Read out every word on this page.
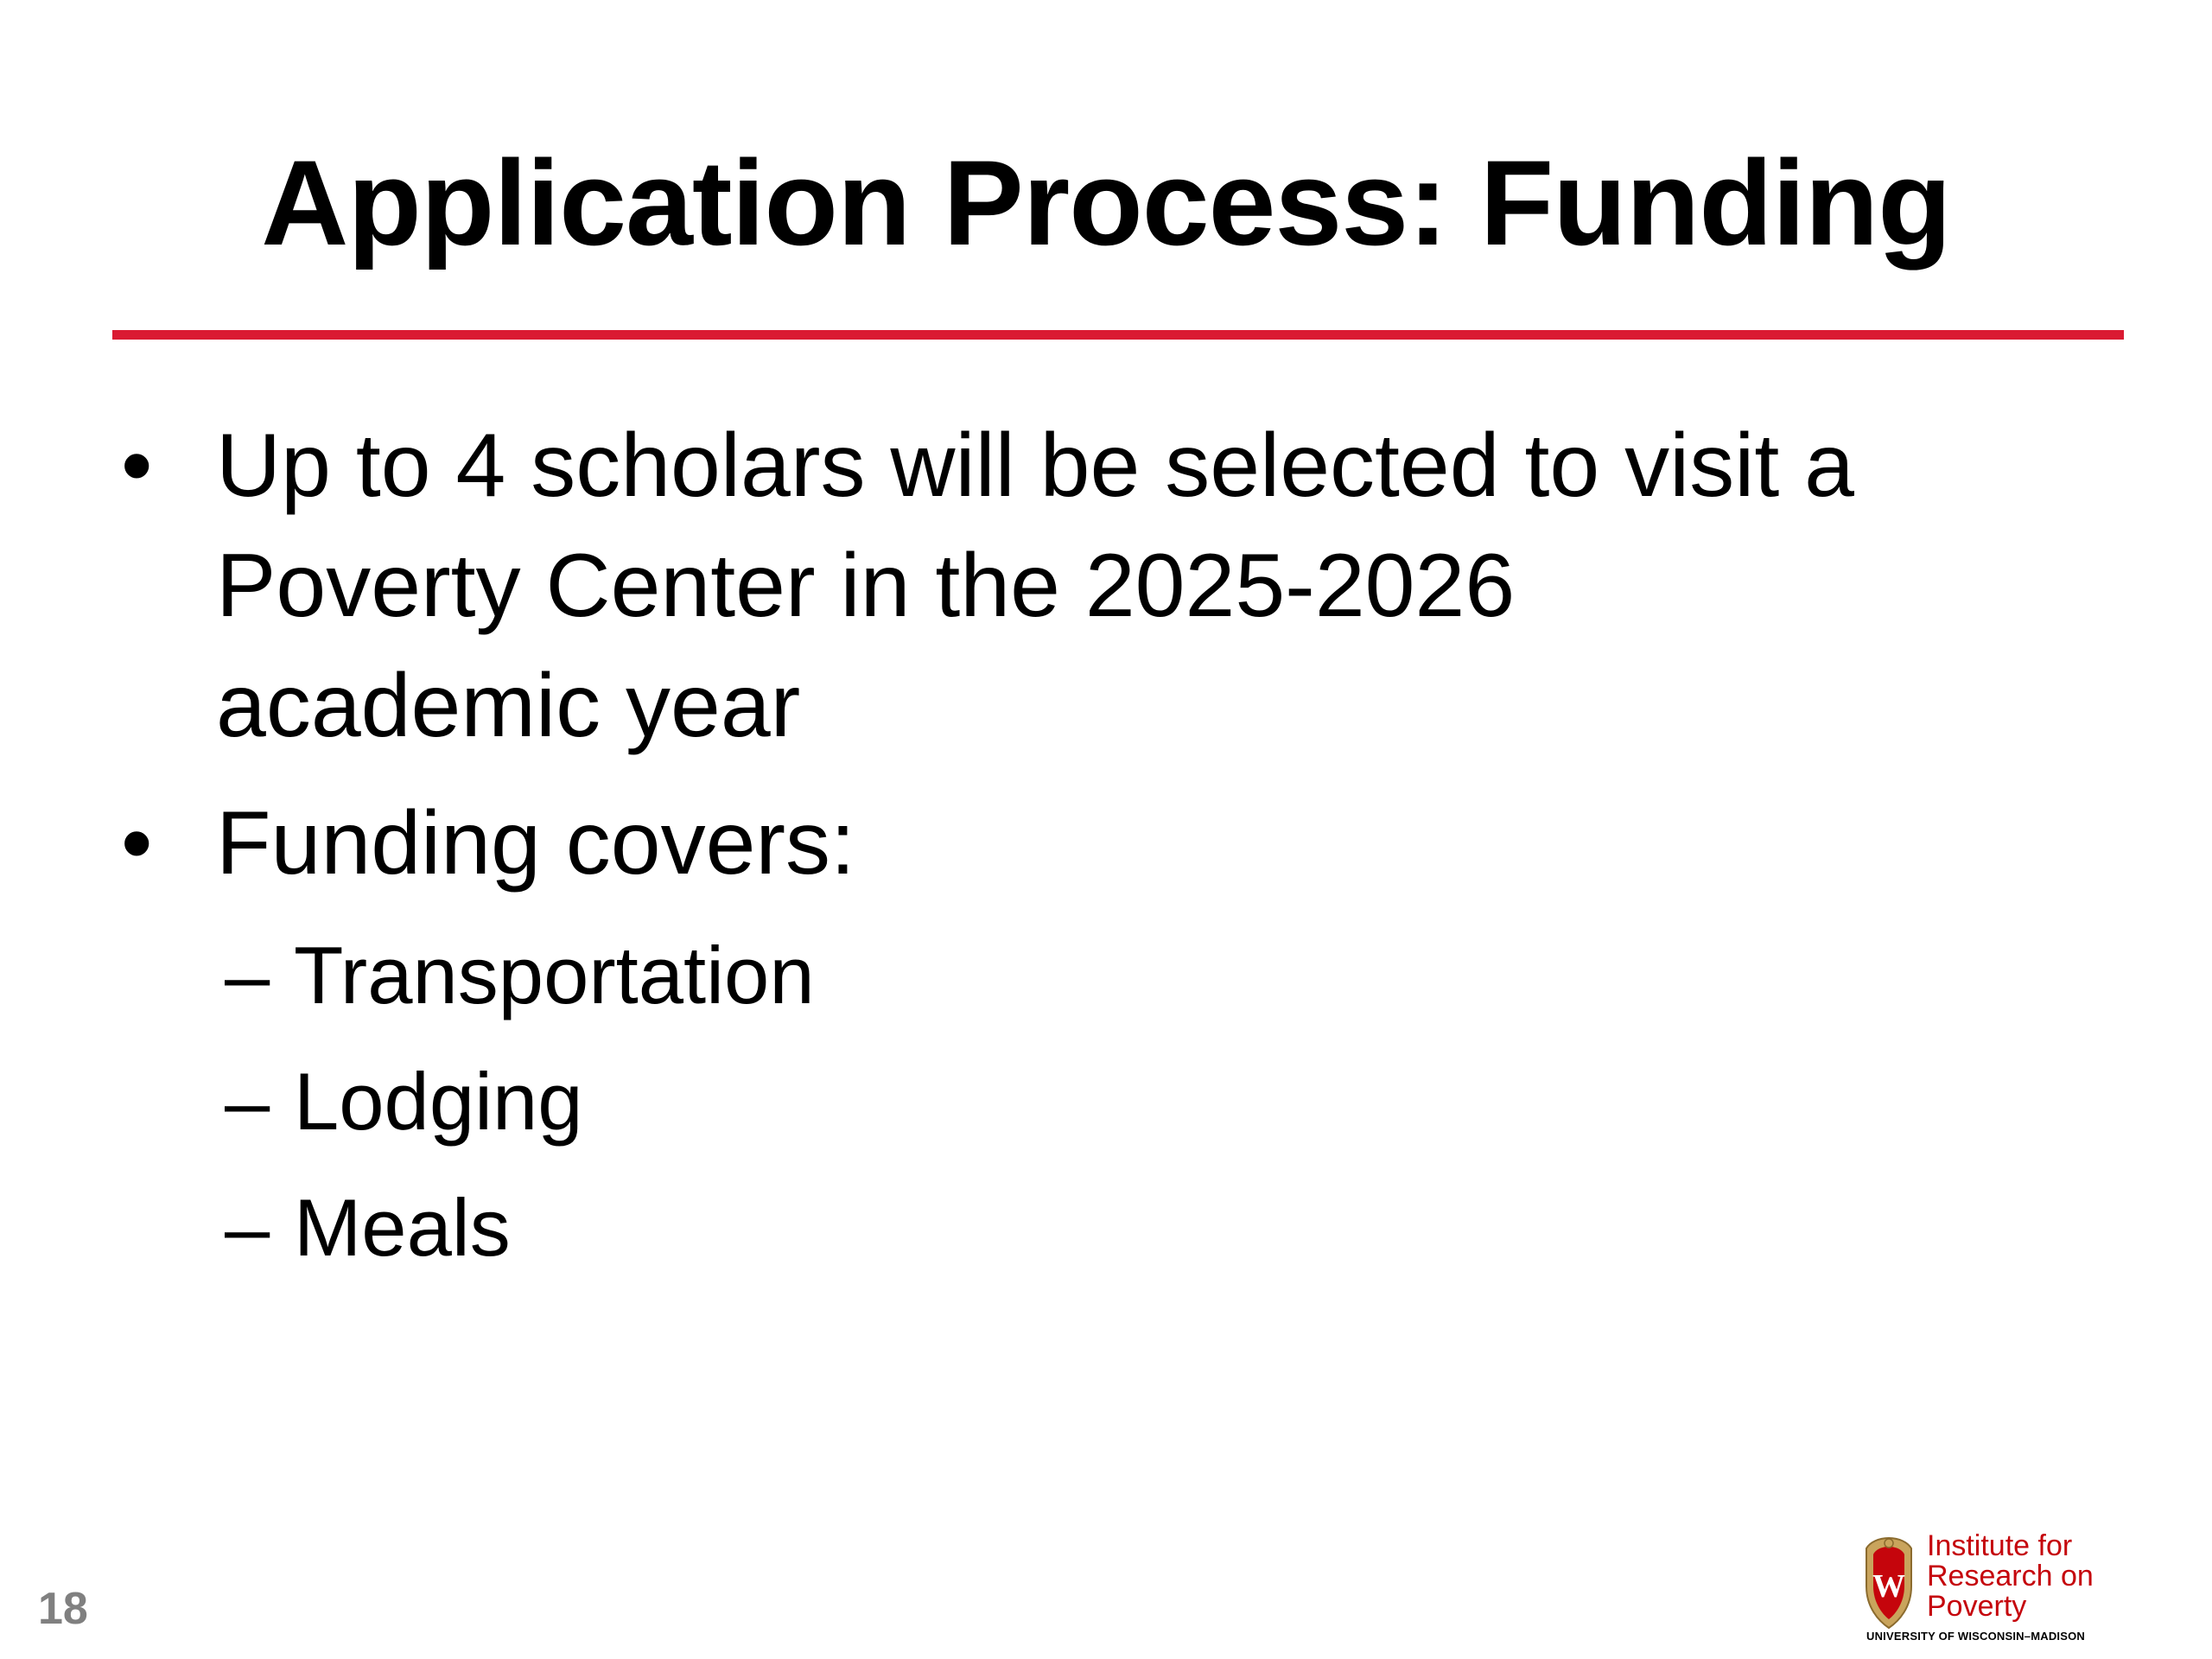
Application Process: Funding
• Up to 4 scholars will be selected to visit a
Poverty Center in the 2025-2026
academic year
• Funding covers:
– Transportation
– Lodging
– Meals
18	W
Institute for
Research on
Poverty
UNIVERSITY OF WISCONSIN–MADISON
